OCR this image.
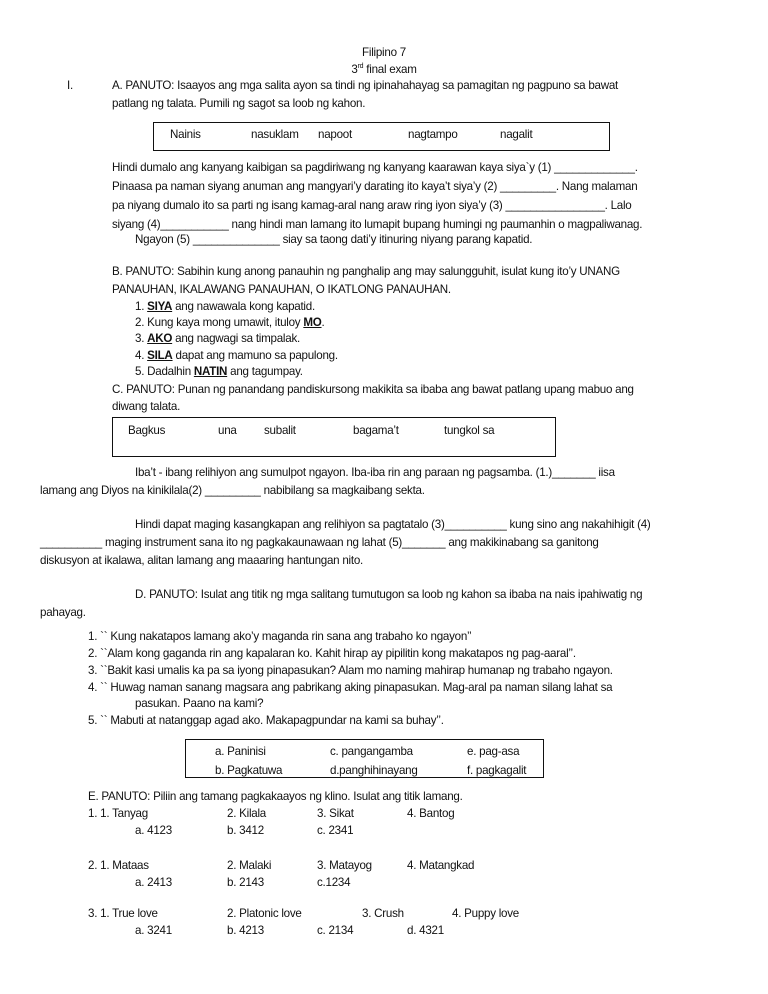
Filipino 7
3rd final exam
I.	A. PANUTO: Isaayos ang mga salita ayon sa tindi ng ipinahahayag sa pamagitan ng pagpuno sa bawat
patlang ng talata. Pumili ng sagot sa loob ng kahon.
Nainis	nasuklam napoot	nagtampo	nagalit
Hindi dumalo ang kanyang kaibigan sa pagdiriwang ng kanyang kaarawan kaya siya`y (1) _____________.
Pinaasa pa naman siyang anuman ang mangyari’y darating ito kaya’t siya’y (2) _________. Nang malaman
pa niyang dumalo ito sa parti ng isang kamag-aral nang araw ring iyon siya’y (3) ________________. Lalo
siyang (4)___________ nang hindi man lamang ito lumapit bupang humingi ng paumanhin o magpaliwanag.
Ngayon (5) ______________ siay sa taong dati’y itinuring niyang parang kapatid.
B. PANUTO: Sabihin kung anong panauhin ng panghalip ang may salungguhit, isulat kung ito’y UNANG
PANAUHAN, IKALAWANG PANAUHAN, O IKATLONG PANAUHAN.
1. SIYA ang nawawala kong kapatid.
2. Kung kaya mong umawit, ituloy MO.
3. AKO ang nagwagi sa timpalak.
4. SILA dapat ang mamuno sa papulong.
5. Dadalhin NATIN ang tagumpay.
C. PANUTO: Punan ng panandang pandiskursong makikita sa ibaba ang bawat patlang upang mabuo ang
diwang talata.
Bagkus	una subalit	bagama’t	tungkol sa
Iba’t - ibang relihiyon ang sumulpot ngayon. Iba-iba rin ang paraan ng pagsamba. (1.)_______ iisa
lamang ang Diyos na kinikilala(2) _________ nabibilang sa magkaibang sekta.
Hindi dapat maging kasangkapan ang relihiyon sa pagtatalo (3)__________ kung sino ang nakahihigit (4)
__________ maging instrument sana ito ng pagkakaunawaan ng lahat (5)_______ ang makikinabang sa ganitong
diskusyon at ikalawa, alitan lamang ang maaaring hantungan nito.
D. PANUTO: Isulat ang titik ng mga salitang tumutugon sa loob ng kahon sa ibaba na nais ipahiwatig ng
pahayag.
1. `` Kung nakatapos lamang ako’y maganda rin sana ang trabaho ko ngayon’’
2. ``Alam kong gaganda rin ang kapalaran ko. Kahit hirap ay pipilitin kong makatapos ng pag-aaral’’.
3. ``Bakit kasi umalis ka pa sa iyong pinapasukan? Alam mo naming mahirap humanap ng trabaho ngayon.
4. `` Huwag naman sanang magsara ang pabrikang aking pinapasukan. Mag-aral pa naman silang lahat sa
pasukan. Paano na kami?
5. `` Mabuti at natanggap agad ako. Makapagpundar na kami sa buhay’’.
a. Paninisi	c. pangangamba	e. pag-asa
b. Pagkatuwa	d.panghihinayang	f. pagkagalit
E. PANUTO: Piliin ang tamang pagkakaayos ng klino. Isulat ang titik lamang.
1. 1. Tanyag	2. Kilala	3. Sikat	4. Bantog
a. 4123	b. 3412	c. 2341
2. 1. Mataas	2. Malaki	3. Matayog	4. Matangkad
a. 2413	b. 2143	c.1234
3. 1. True love	2. Platonic love	3. Crush	4. Puppy love
a. 3241	b. 4213	c. 2134	d. 4321
